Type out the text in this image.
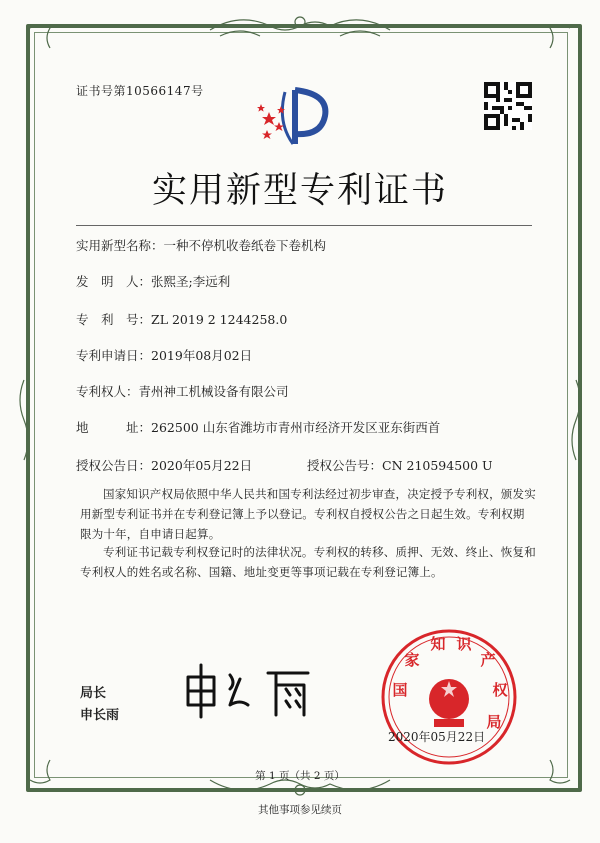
证书号第10566147号
实用新型专利证书
实用新型名称：一种不停机收卷纸卷下卷机构
发　明　人：张熙圣;李远利
专　利　号：ZL 2019 2 1244258.0
专利申请日：2019年08月02日
专利权人：青州神工机械设备有限公司
地　　　址：262500 山东省潍坊市青州市经济开发区亚东街西首
授权公告日：2020年05月22日	授权公告号：CN 210594500 U
国家知识产权局依照中华人民共和国专利法经过初步审查，决定授予专利权，颁发实用新型专利证书并在专利登记簿上予以登记。专利权自授权公告之日起生效。专利权期限为十年，自申请日起算。
专利证书记载专利权登记时的法律状况。专利权的转移、质押、无效、终止、恢复和专利权人的姓名或名称、国籍、地址变更等事项记载在专利登记簿上。
局长
申长雨
国
家
知 识
产
权
局
2020年05月22日
第 1 页（共 2 页）
其他事项参见续页
